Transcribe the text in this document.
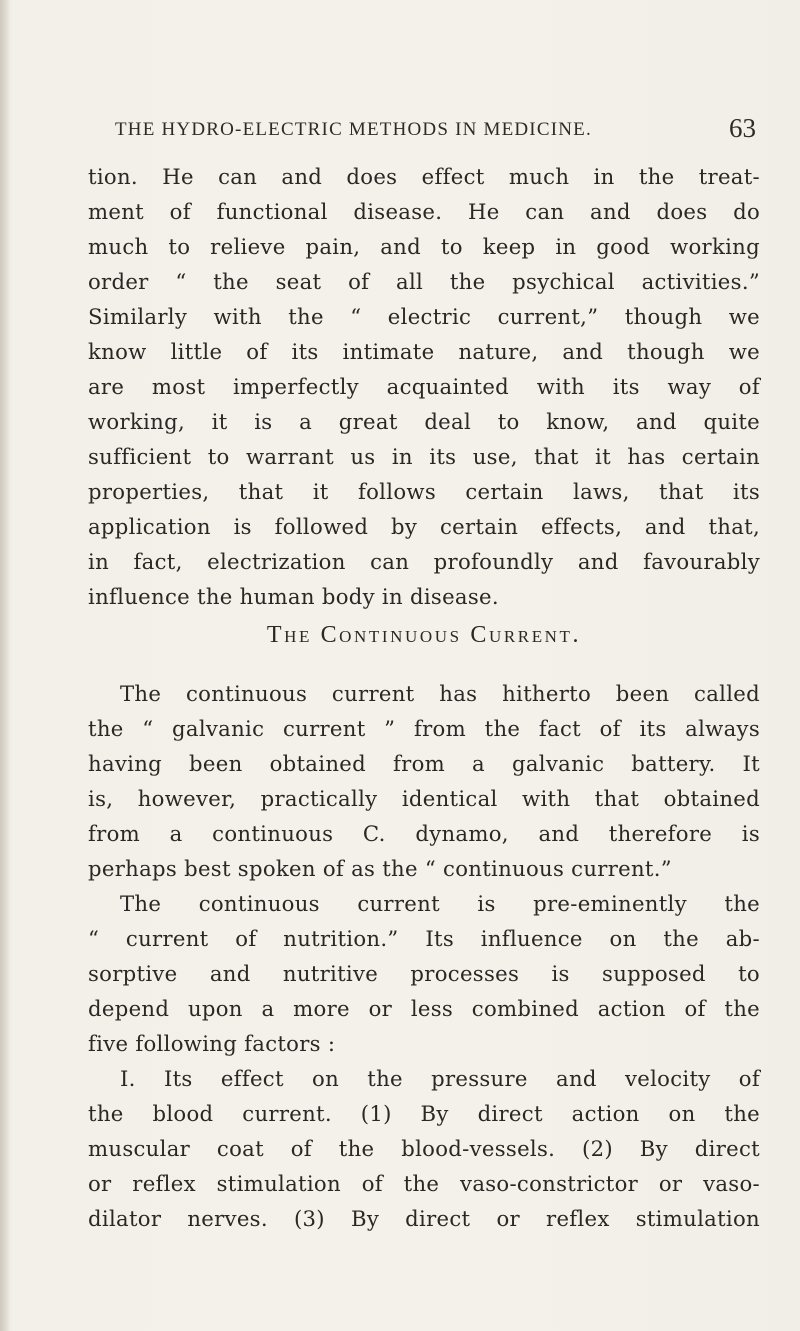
THE HYDRO-ELECTRIC METHODS IN MEDICINE.	63
tion. He can and does effect much in the treat-
ment of functional disease. He can and does do
much to relieve pain, and to keep in good working
order “ the seat of all the psychical activities.”
Similarly with the “ electric current,” though we
know little of its intimate nature, and though we
are most imperfectly acquainted with its way of
working, it is a great deal to know, and quite
sufficient to warrant us in its use, that it has certain
properties, that it follows certain laws, that its
application is followed by certain effects, and that,
in fact, electrization can profoundly and favourably
influence the human body in disease.
The Continuous Current.
The continuous current has hitherto been called
the “ galvanic current ” from the fact of its always
having been obtained from a galvanic battery. It
is, however, practically identical with that obtained
from a continuous C. dynamo, and therefore is
perhaps best spoken of as the “ continuous current.”
The continuous current is pre-eminently the
“ current of nutrition.” Its influence on the ab-
sorptive and nutritive processes is supposed to
depend upon a more or less combined action of the
five following factors :
I. Its effect on the pressure and velocity of
the blood current. (1) By direct action on the
muscular coat of the blood-vessels. (2) By direct
or reflex stimulation of the vaso-constrictor or vaso-
dilator nerves. (3) By direct or reflex stimulation
